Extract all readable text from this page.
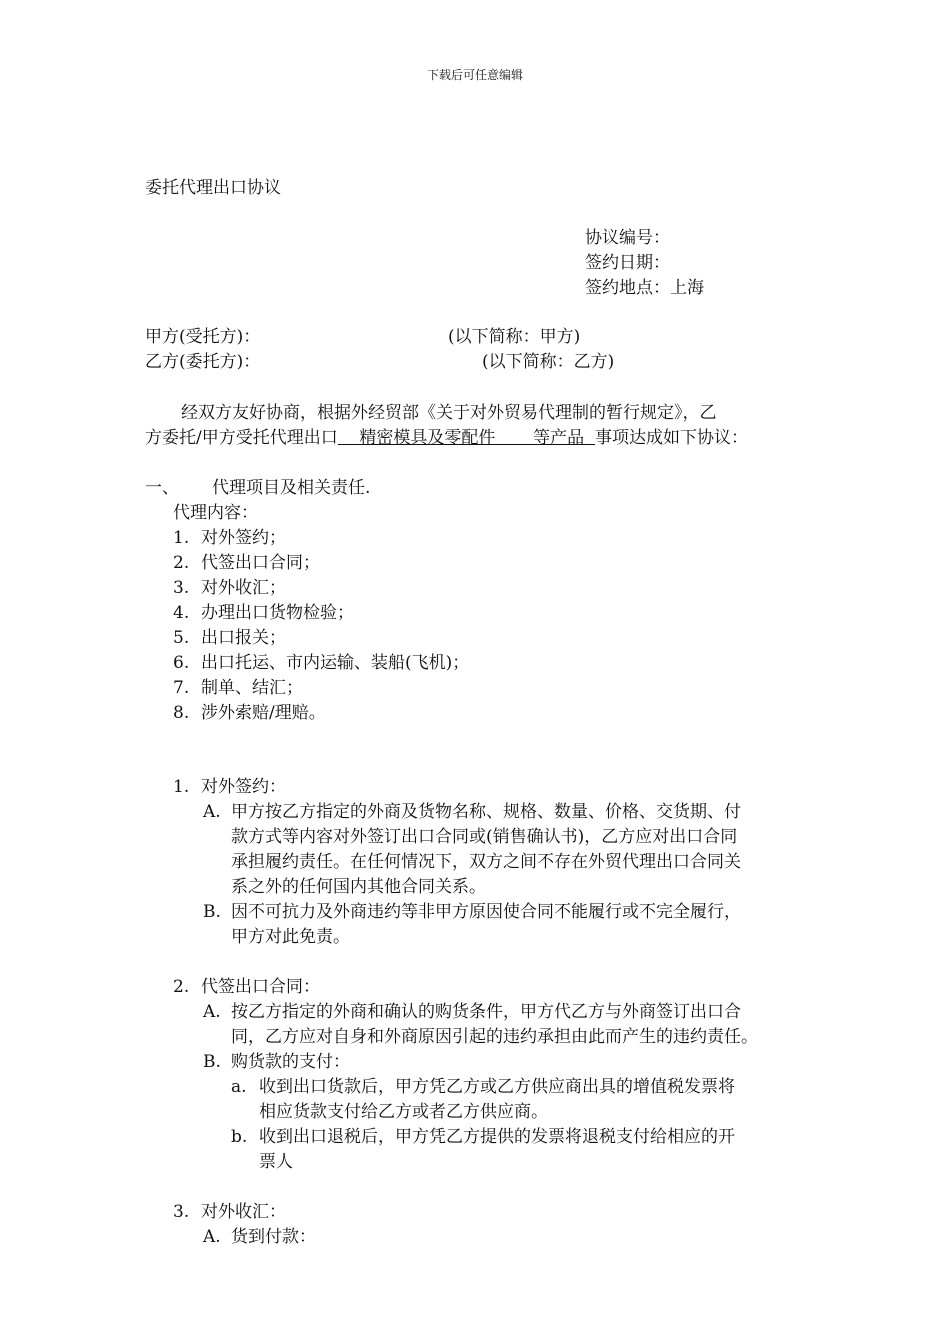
下载后可任意编辑
委托代理出口协议
协议编号：
签约日期：
签约地点：上海
甲方(受托方)：	(以下简称：甲方)
乙方(委托方)：	(以下简称：乙方)
经双方友好协商，根据外经贸部《关于对外贸易代理制的暂行规定》，乙
方委托/甲方受托代理出口    精密模具及零配件       等产品  事项达成如下协议：
一、 代理项目及相关责任.
代理内容：
1. 对外签约；
2. 代签出口合同；
3. 对外收汇；
4. 办理出口货物检验；
5. 出口报关；
6. 出口托运、市内运输、装船(飞机)；
7. 制单、结汇；
8. 涉外索赔/理赔。
1. 对外签约：
A. 甲方按乙方指定的外商及货物名称、规格、数量、价格、交货期、付
款方式等内容对外签订出口合同或(销售确认书)，乙方应对出口合同
承担履约责任。在任何情况下，双方之间不存在外贸代理出口合同关
系之外的任何国内其他合同关系。
B. 因不可抗力及外商违约等非甲方原因使合同不能履行或不完全履行，
甲方对此免责。
2. 代签出口合同：
A. 按乙方指定的外商和确认的购货条件，甲方代乙方与外商签订出口合
同，乙方应对自身和外商原因引起的违约承担由此而产生的违约责任。
B. 购货款的支付：
a. 收到出口货款后，甲方凭乙方或乙方供应商出具的增值税发票将
相应货款支付给乙方或者乙方供应商。
b. 收到出口退税后，甲方凭乙方提供的发票将退税支付给相应的开
票人
3. 对外收汇：
A. 货到付款：
